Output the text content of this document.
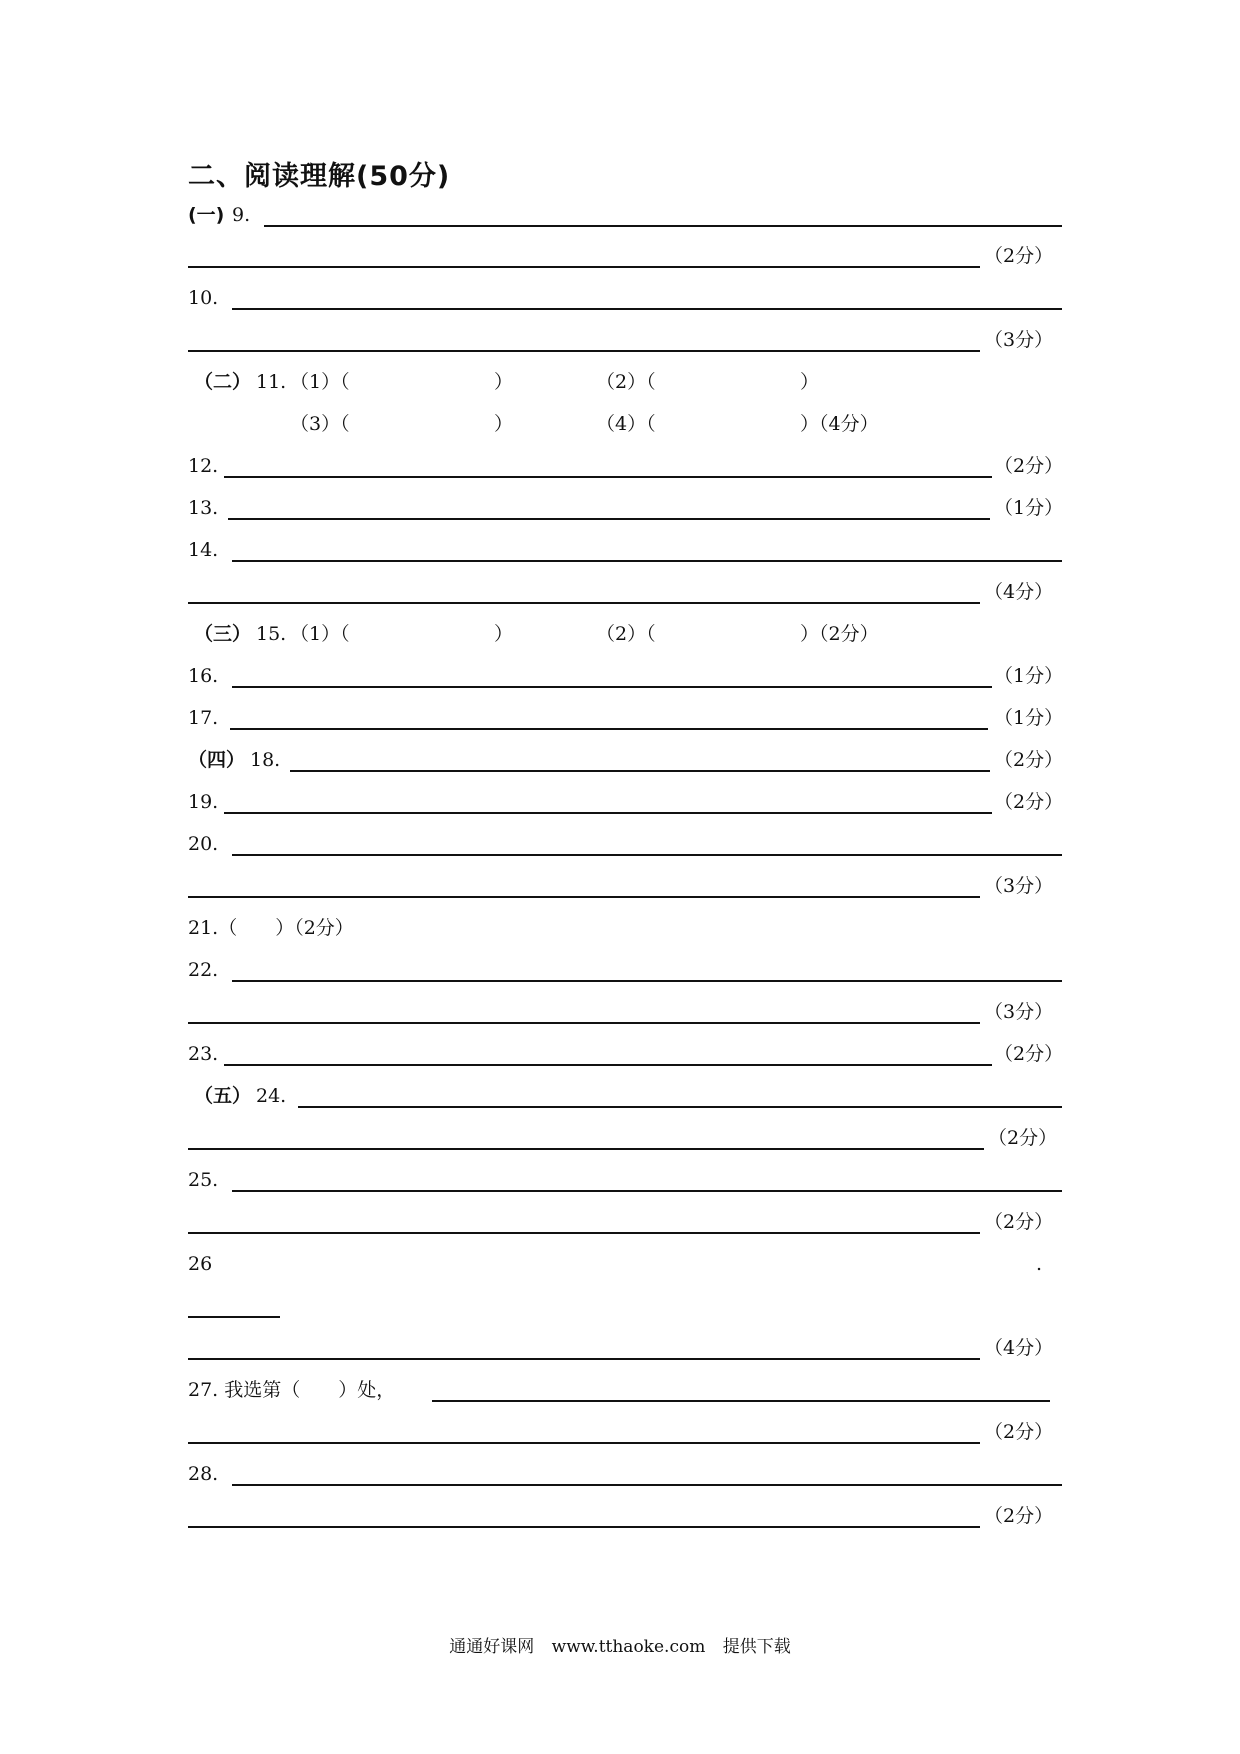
二、阅读理解(50分)
(一) 9.
（2分）
10.
（3分）
（二） 11. （1）（	）	（2）（	）
（3）（	）	（4）（	）（4分）
12.	（2分）
13.	（1分）
14.
（4分）
（三） 15. （1）（	）	（2）（	）（2分）
16.	（1分）
17.	（1分）
（四） 18.	（2分）
19.	（2分）
20.
（3分）
21.（　　）（2分）
22.
（3分）
23.	（2分）
（五） 24.
（2分）
25.
（2分）
26	.
（4分）
27. 我选第（　　）处，
（2分）
28.
（2分）
通通好课网 www.tthaoke.com 提供下载
